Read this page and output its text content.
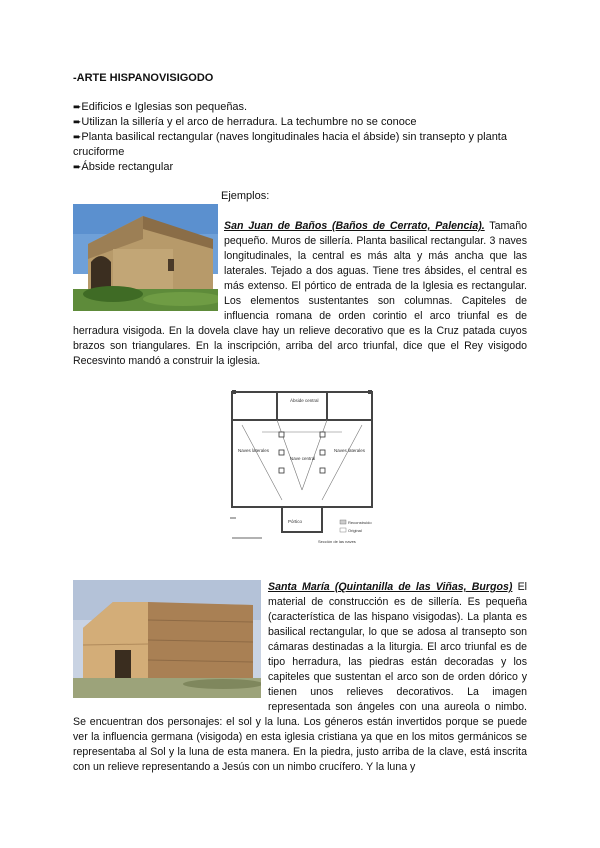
-ARTE HISPANOVISIGODO
➨Edificios e Iglesias son pequeñas.
➨Utilizan la sillería y el arco de herradura. La techumbre no se conoce
➨Planta basilical rectangular (naves longitudinales hacia el ábside) sin transepto y planta cruciforme
➨Ábside rectangular
Ejemplos:
San Juan de Baños (Baños de Cerrato, Palencia). Tamaño pequeño. Muros de sillería. Planta basilical rectangular. 3 naves longitudinales, la central es más alta y más ancha que las laterales. Tejado a dos aguas. Tiene tres ábsides, el central es más extenso. El pórtico de entrada de la Iglesia es rectangular. Los elementos sustentantes son columnas. Capiteles de influencia romana de orden corintio el arco triunfal es de herradura visigoda. En la dovela clave hay un relieve decorativo que es la Cruz patada cuyos brazos son triangulares. En la inscripción, arriba del arco triunfal, dice que el Rey visigodo Recesvinto mandó a construir la iglesia.
Ábside central
Naves laterales	Naves laterales
Nave central
Pórtico	Reconstruido
Original
Sección de las naves
Santa María (Quintanilla de las Viñas, Burgos) El material de construcción es de sillería. Es pequeña (característica de las hispano visigodas). La planta es basilical rectangular, lo que se adosa al transepto son cámaras destinadas a la liturgia. El arco triunfal es de tipo herradura, las piedras están decoradas y los capiteles que sustentan el arco son de orden dórico y tienen unos relieves decorativos. La imagen representada son ángeles con una aureola o nimbo. Se encuentran dos personajes: el sol y la luna. Los géneros están invertidos porque se puede ver la influencia germana (visigoda) en esta iglesia cristiana ya que en los mitos germánicos se representaba al Sol y la luna de esta manera. En la piedra, justo arriba de la clave, está inscrita con un relieve representando a Jesús con un nimbo crucífero. Y la luna y
